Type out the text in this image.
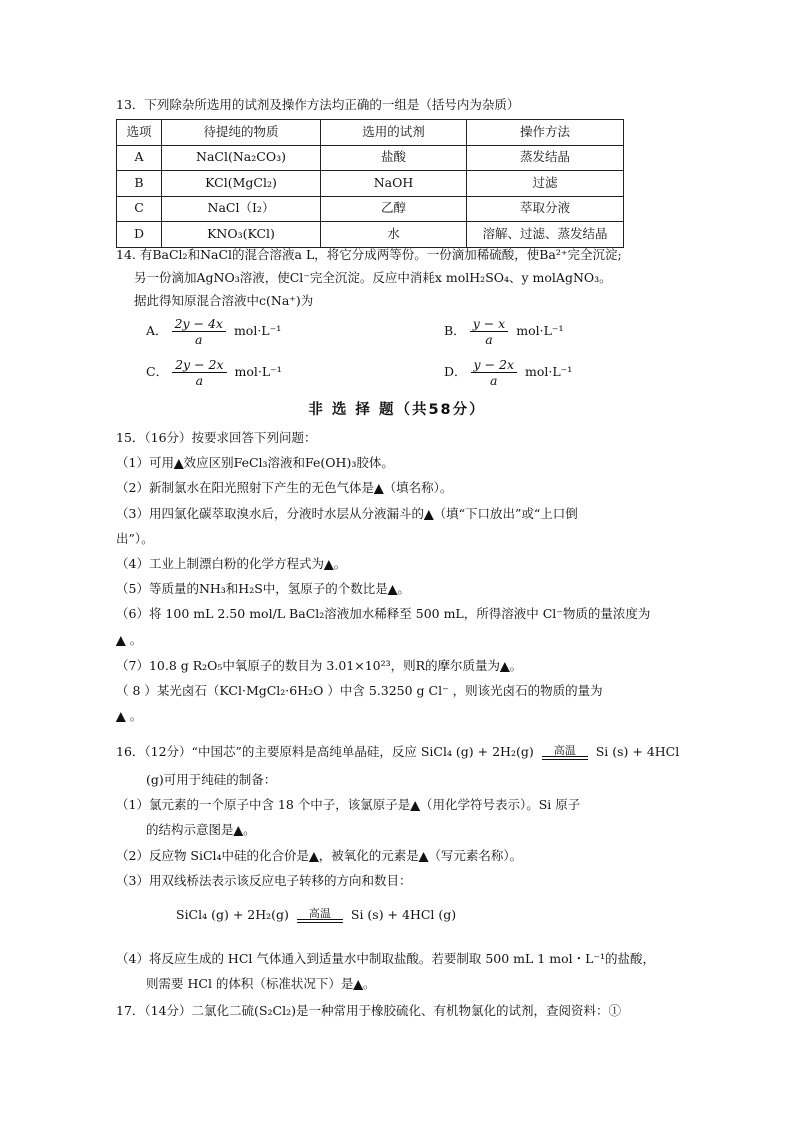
13．下列除杂所选用的试剂及操作方法均正确的一组是（括号内为杂质）
选项	待提纯的物质	选用的试剂	操作方法
A	NaCl(Na₂CO₃)	盐酸	蒸发结晶
B	KCl(MgCl₂)	NaOH	过滤
C	NaCl（I₂）	乙醇	萃取分液
D	KNO₃(KCl)	水	溶解、过滤、蒸发结晶
14. 有BaCl₂和NaCl的混合溶液a L，将它分成两等份。一份滴加稀硫酸，使Ba²⁺完全沉淀;
另一份滴加AgNO₃溶液，使Cl⁻完全沉淀。反应中消耗x molH₂SO₄、y molAgNO₃。
据此得知原混合溶液中c(Na⁺)为
A． $\frac{2y - 4x}{a} mol\cdot L^{-1}$	B． $\frac{y - x}{a} mol\cdot L^{-1}$
C． $\frac{2y - 2x}{a} mol\cdot L^{-1}$	D． $\frac{y - 2x}{a} mol\cdot L^{-1}$
非 选 择 题（共58分）
15．（16分）按要求回答下列问题：
（1）可用▲效应区别FeCl₃溶液和Fe(OH)₃胶体。
（2）新制氯水在阳光照射下产生的无色气体是▲（填名称）。
（3）用四氯化碳萃取溴水后，分液时水层从分液漏斗的▲（填“下口放出”或“上口倒
出”）。
（4）工业上制漂白粉的化学方程式为▲。
（5）等质量的NH₃和H₂S中，氢原子的个数比是▲。
（6）将 100 mL 2.50 mol/L BaCl₂溶液加水稀释至 500 mL，所得溶液中 Cl⁻物质的量浓度为
▲ 。
（7）10.8 g R₂O₅中氧原子的数目为 3.01×10²³，则R的摩尔质量为▲。
（ 8 ）某光卤石（KCl·MgCl₂·6H₂O ）中含 5.3250 g Cl⁻ ，则该光卤石的物质的量为
▲ 。
16．（12分）“中国芯”的主要原料是高纯单晶硅，反应 SiCl₄ (g) + 2H₂(g) 高温 Si (s) + 4HCl
(g)可用于纯硅的制备：
（1）氯元素的一个原子中含 18 个中子，该氯原子是▲（用化学符号表示）。Si 原子
的结构示意图是▲。
（2）反应物 SiCl₄中硅的化合价是▲，被氧化的元素是▲（写元素名称）。
（3）用双线桥法表示该反应电子转移的方向和数目：
SiCl₄ (g) + 2H₂(g) 高温 Si (s) + 4HCl (g)
（4）将反应生成的 HCl 气体通入到适量水中制取盐酸。若要制取 500 mL 1 mol・L⁻¹的盐酸，
则需要 HCl 的体积（标准状况下）是▲。
17．（14分）二氯化二硫(S₂Cl₂)是一种常用于橡胶硫化、有机物氯化的试剂，查阅资料：①
